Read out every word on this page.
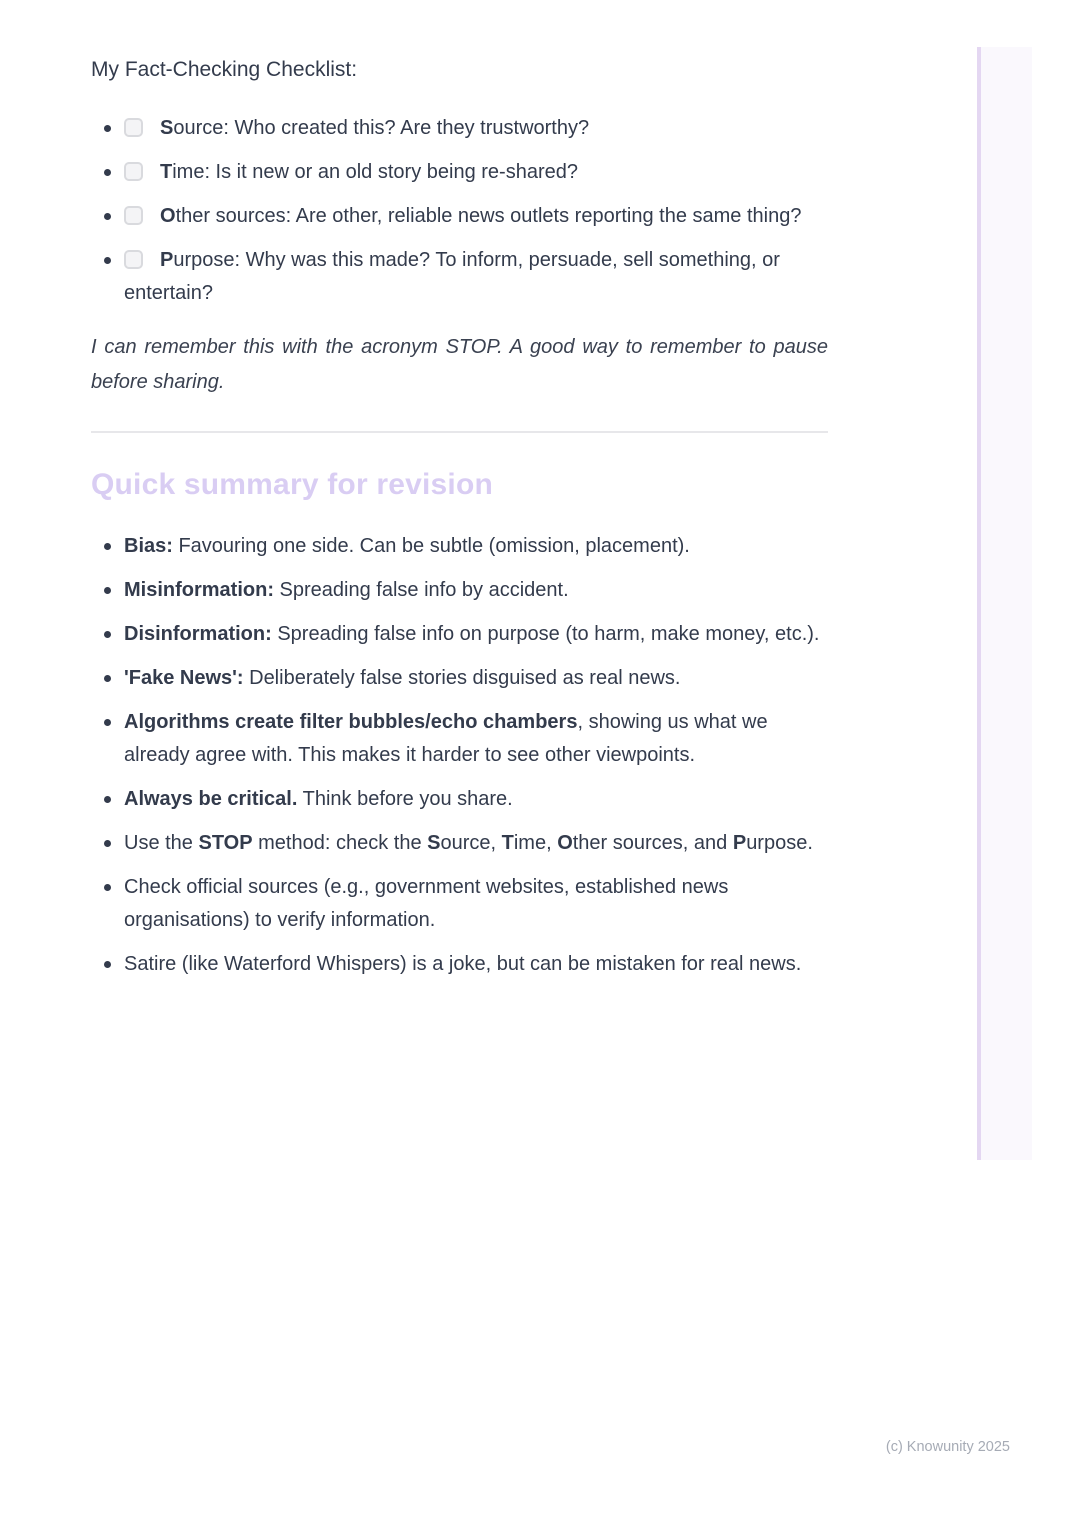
My Fact-Checking Checklist:

Source: Who created this? Are they trustworthy?
Time: Is it new or an old story being re-shared?
Other sources: Are other, reliable news outlets reporting the same thing?
Purpose: Why was this made? To inform, persuade, sell something, or entertain?

I can remember this with the acronym STOP. A good way to remember to pause before sharing.

Quick summary for revision
Bias: Favouring one side. Can be subtle (omission, placement).
Misinformation: Spreading false info by accident.
Disinformation: Spreading false info on purpose (to harm, make money, etc.).
'Fake News': Deliberately false stories disguised as real news.
Algorithms create filter bubbles/echo chambers, showing us what we already agree with. This makes it harder to see other viewpoints.
Always be critical. Think before you share.
Use the STOP method: check the Source, Time, Other sources, and Purpose.
Check official sources (e.g., government websites, established news organisations) to verify information.
Satire (like Waterford Whispers) is a joke, but can be mistaken for real news.
(c) Knowunity 2025
